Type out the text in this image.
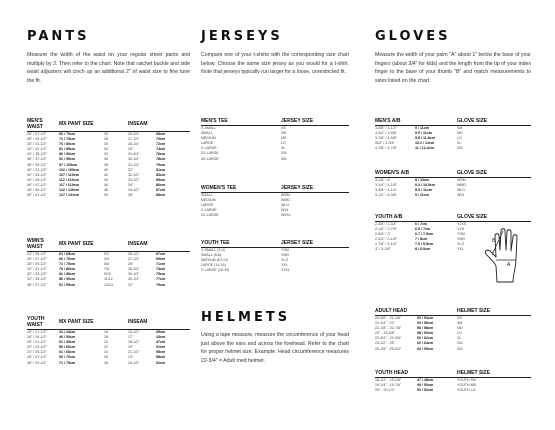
PANTS

Measure the width of the waist on your regular street pants and multiply by 2. Then refer to the chart. Note that ratchet buckle and side waist adjusters will cinch up an additional 2" of waist size to fine tune the fit.

MEN'S WAIST	MX PANT SIZE		INSEAM	
26" / 27-1/2"	66 / 70cm	26	26-3/4"	68cm
28" / 29-1/2"	71 / 75cm	28	27-1/2"	70cm
30" / 31-1/2"	76 / 80cm	30	28-1/4"	72cm
32" / 33-1/2"	81 / 85cm	32	29"	74cm
34" / 35-1/2"	86 / 90cm	34	29-3/4"	76cm
36" / 37-1/2"	91 / 95cm	36	30-1/2"	78cm
38" / 39-1/2"	97 / 100cm	38	31-1/4"	79cm
40" / 41-1/2"	102 / 105cm	40	32"	81cm
42" / 43-1/2"	107 / 110cm	42	32-1/2"	83cm
44" / 45-1/2"	112 / 116cm	44	33-1/2"	85cm
46" / 47-1/2"	117 / 119cm	46	34"	86cm
48" / 49-1/2"	122 / 126cm	48	34-1/2"	87cm
50" / 51-1/2"	127 / 131cm	50	35"	88cm
WMN'S WAIST	MX PANT SIZE		INSEAM	
24" / 25-1/2"	61 / 65cm	0/2	26-1/2"	67cm
26" / 27-1/2"	66 / 70cm	3/4	27-1/4"	69cm
28" / 29-1/2"	71 / 75cm	5/6	28"	71cm
30" / 31-1/2"	76 / 80cm	7/8	28-3/4"	73cm
32" / 33-1/2"	81 / 85cm	9/10	29-1/2"	75cm
34" / 35-1/2"	86 / 90cm	11/12	30-1/4"	77cm
36" / 37-1/2"	91 / 95cm	13/14	31"	79cm
YOUTH WAIST	MX PANT SIZE		INSEAM	
16" / 17-1/2"	41 / 44cm	16	15-1/2"	39cm
18" / 19-1/2"	46 / 50cm	18	17"	43cm
20" / 21-1/2"	51 / 55cm	20	18-1/2"	47cm
22" / 23-1/2"	56 / 60cm	22	20"	51cm
24" / 25-1/2"	61 / 65cm	24	21-1/2"	55cm
26" / 27-1/2"	66 / 70cm	26	23"	58cm
28" / 29-1/2"	71 / 75cm	28	24-1/2"	62cm
JERSEYS

Compare one of your t-shirts with the corresponding size chart below. Choose the same size jersey as you would for a t-shirt. Note that jerseys typically run larger for a loose, unrestricted fit.

MEN'S TEE	JERSEY SIZE
X-SMALL	XS
SMALL	SM
MEDIUM	MD
LARGE	LG
X-LARGE	XL
2X-LARGE	2XL
3X-LARGE	3XL
WOMEN'S TEE	JERSEY SIZE
SMALL	WSM
MEDIUM	WMD
LARGE	WLG
X-LARGE	WXL
2X-LARGE	W2XL
YOUTH TEE	JERSEY SIZE
X-SMALL (3-4)	YSM
SMALL (6-8)	YMD
MEDIUM (10-12)	YLG
LARGE (14-16)	YXL
X-LARGE (18-20)	Y2XL
HELMETS

Using a tape measure, measure the circumference of your head just above the ears and across the forehead. Refer to the chart for proper helmet size. Example: Head circumference measures 22-3/4" = Adult med helmet.

GLOVES

Measure the width of your palm "A" about 1" below the base of your fingers (about 3/4" for kids) and the length from the tip of your index finger to the base of your thumb "B" and match measurements to sizes listed on the chart.

MEN'S A/B		GLOVE SIZE
3-5/8" / 4-1/2"	9 / 11cm	SM
3-3/4" / 4-5/8"	9.5 / 11cm	MD
3-7/8" / 4-5/8"	9.8 / 11.8cm	LG
004" / 4-3/4"	10.2 / 12cm	XL
4-1/8" / 4-7/8"	11 / 12.4cm	2XL
WOMEN'S A/B		GLOVE SIZE
3-1/8" / 4"	8 / 10cm	WSM
3-1/4" / 4-1/8"	8.3 / 10.5cm	WMD
3-3/8" / 4-1/4"	8.5 / 11cm	WLG
3-1/2" / 4-3/8"	9 / 11cm	WXL
YOUTH A/B		GLOVE SIZE
2-3/8" / 2-3/4"	6 / 7cm	Y2XS
2-1/2" / 2-7/8"	6.5 / 7cm	YXS
2-5/8" / 3"	6.7 / 7.5cm	YSM
2-3/4" / 3-1/8"	7 / 8cm	YMD
2-7/8" / 3-1/4"	7.5 / 8.5cm	YLG
3" / 3-3/8"	8 / 8.5cm	YXL
A
B
ADULT HEAD		HELMET SIZE
20-5/8" - 21-1/8"	52 / 54cm	XS
21-1/4" - 22"	54 / 56cm	SM
22-1/8" - 22-7/8"	56 / 58cm	MD
23" - 23-5/8"	58 / 60cm	LG
23-3/4" - 24-3/8"	60 / 62cm	XL
24-1/2" - 25"	62 / 64cm	2XL
25-1/8" - 25-3/4"	64 / 65cm	3XL
YOUTH HEAD		HELMET SIZE
18-1/2" - 19-1/8"	47 / 48cm	YOUTH SM
19-1/4" - 19-7/8"	49 / 50cm	YOUTH MD
20" - 20-1/2"	51 / 52cm	YOUTH LG
